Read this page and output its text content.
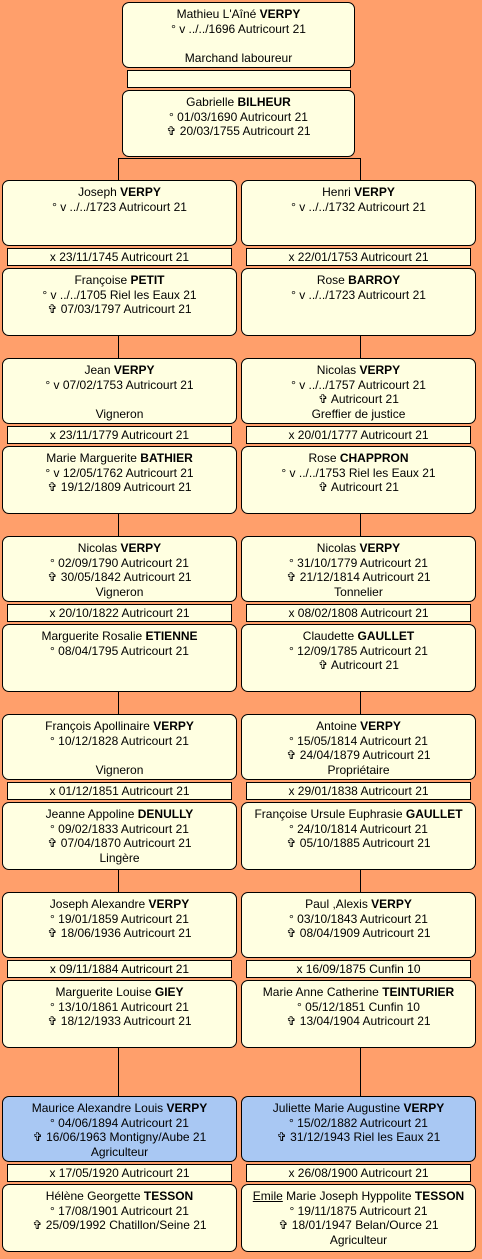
Mathieu L'Aîné VERPY
° v ../../1696 Autricourt 21

Marchand laboureur
Gabrielle BILHEUR
° 01/03/1690 Autricourt 21
✞ 20/03/1755 Autricourt 21
Joseph VERPY
° v ../../1723 Autricourt 21
x 23/11/1745 Autricourt 21
Françoise PETIT
° v ../../1705 Riel les Eaux 21
✞ 07/03/1797 Autricourt 21
Henri VERPY
° v ../../1732 Autricourt 21
x 22/01/1753 Autricourt 21
Rose BARROY
° v ../../1723 Autricourt 21
Jean VERPY
° v 07/02/1753 Autricourt 21

Vigneron
x 23/11/1779 Autricourt 21
Marie Marguerite BATHIER
° v 12/05/1762 Autricourt 21
✞ 19/12/1809 Autricourt 21
Nicolas VERPY
° v ../../1757 Autricourt 21
✞ Autricourt 21
Greffier de justice
x 20/01/1777 Autricourt 21
Rose CHAPPRON
° v ../../1753 Riel les Eaux 21
✞ Autricourt 21
Nicolas VERPY
° 02/09/1790 Autricourt 21
✞ 30/05/1842 Autricourt 21
Vigneron
x 20/10/1822 Autricourt 21
Marguerite Rosalie ETIENNE
° 08/04/1795 Autricourt 21
Nicolas VERPY
° 31/10/1779 Autricourt 21
✞ 21/12/1814 Autricourt 21
Tonnelier
x 08/02/1808 Autricourt 21
Claudette GAULLET
° 12/09/1785 Autricourt 21
✞ Autricourt 21
François Apollinaire VERPY
° 10/12/1828 Autricourt 21

Vigneron
x 01/12/1851 Autricourt 21
Jeanne Appoline DENULLY
° 09/02/1833 Autricourt 21
✞ 07/04/1870 Autricourt 21
Lingère
Antoine VERPY
° 15/05/1814 Autricourt 21
✞ 24/04/1879 Autricourt 21
Propriétaire
x 29/01/1838 Autricourt 21
Françoise Ursule Euphrasie GAULLET
° 24/10/1814 Autricourt 21
✞ 05/10/1885 Autricourt 21
Joseph Alexandre VERPY
° 19/01/1859 Autricourt 21
✞ 18/06/1936 Autricourt 21
x 09/11/1884 Autricourt 21
Marguerite Louise GIEY
° 13/10/1861 Autricourt 21
✞ 18/12/1933 Autricourt 21
Paul ,Alexis VERPY
° 03/10/1843 Autricourt 21
✞ 08/04/1909 Autricourt 21
x 16/09/1875 Cunfin 10
Marie Anne Catherine TEINTURIER
° 05/12/1851 Cunfin 10
✞ 13/04/1904 Autricourt 21
Maurice Alexandre Louis VERPY
° 04/06/1894 Autricourt 21
✞ 16/06/1963 Montigny/Aube 21
Agriculteur
x 17/05/1920 Autricourt 21
Hélène Georgette TESSON
° 17/08/1901 Autricourt 21
✞ 25/09/1992 Chatillon/Seine 21
Juliette Marie Augustine VERPY
° 15/02/1882 Autricourt 21
✞ 31/12/1943 Riel les Eaux 21
x 26/08/1900 Autricourt 21
Emile Marie Joseph Hyppolite TESSON
° 19/11/1875 Autricourt 21
✞ 18/01/1947 Belan/Ource 21
Agriculteur
